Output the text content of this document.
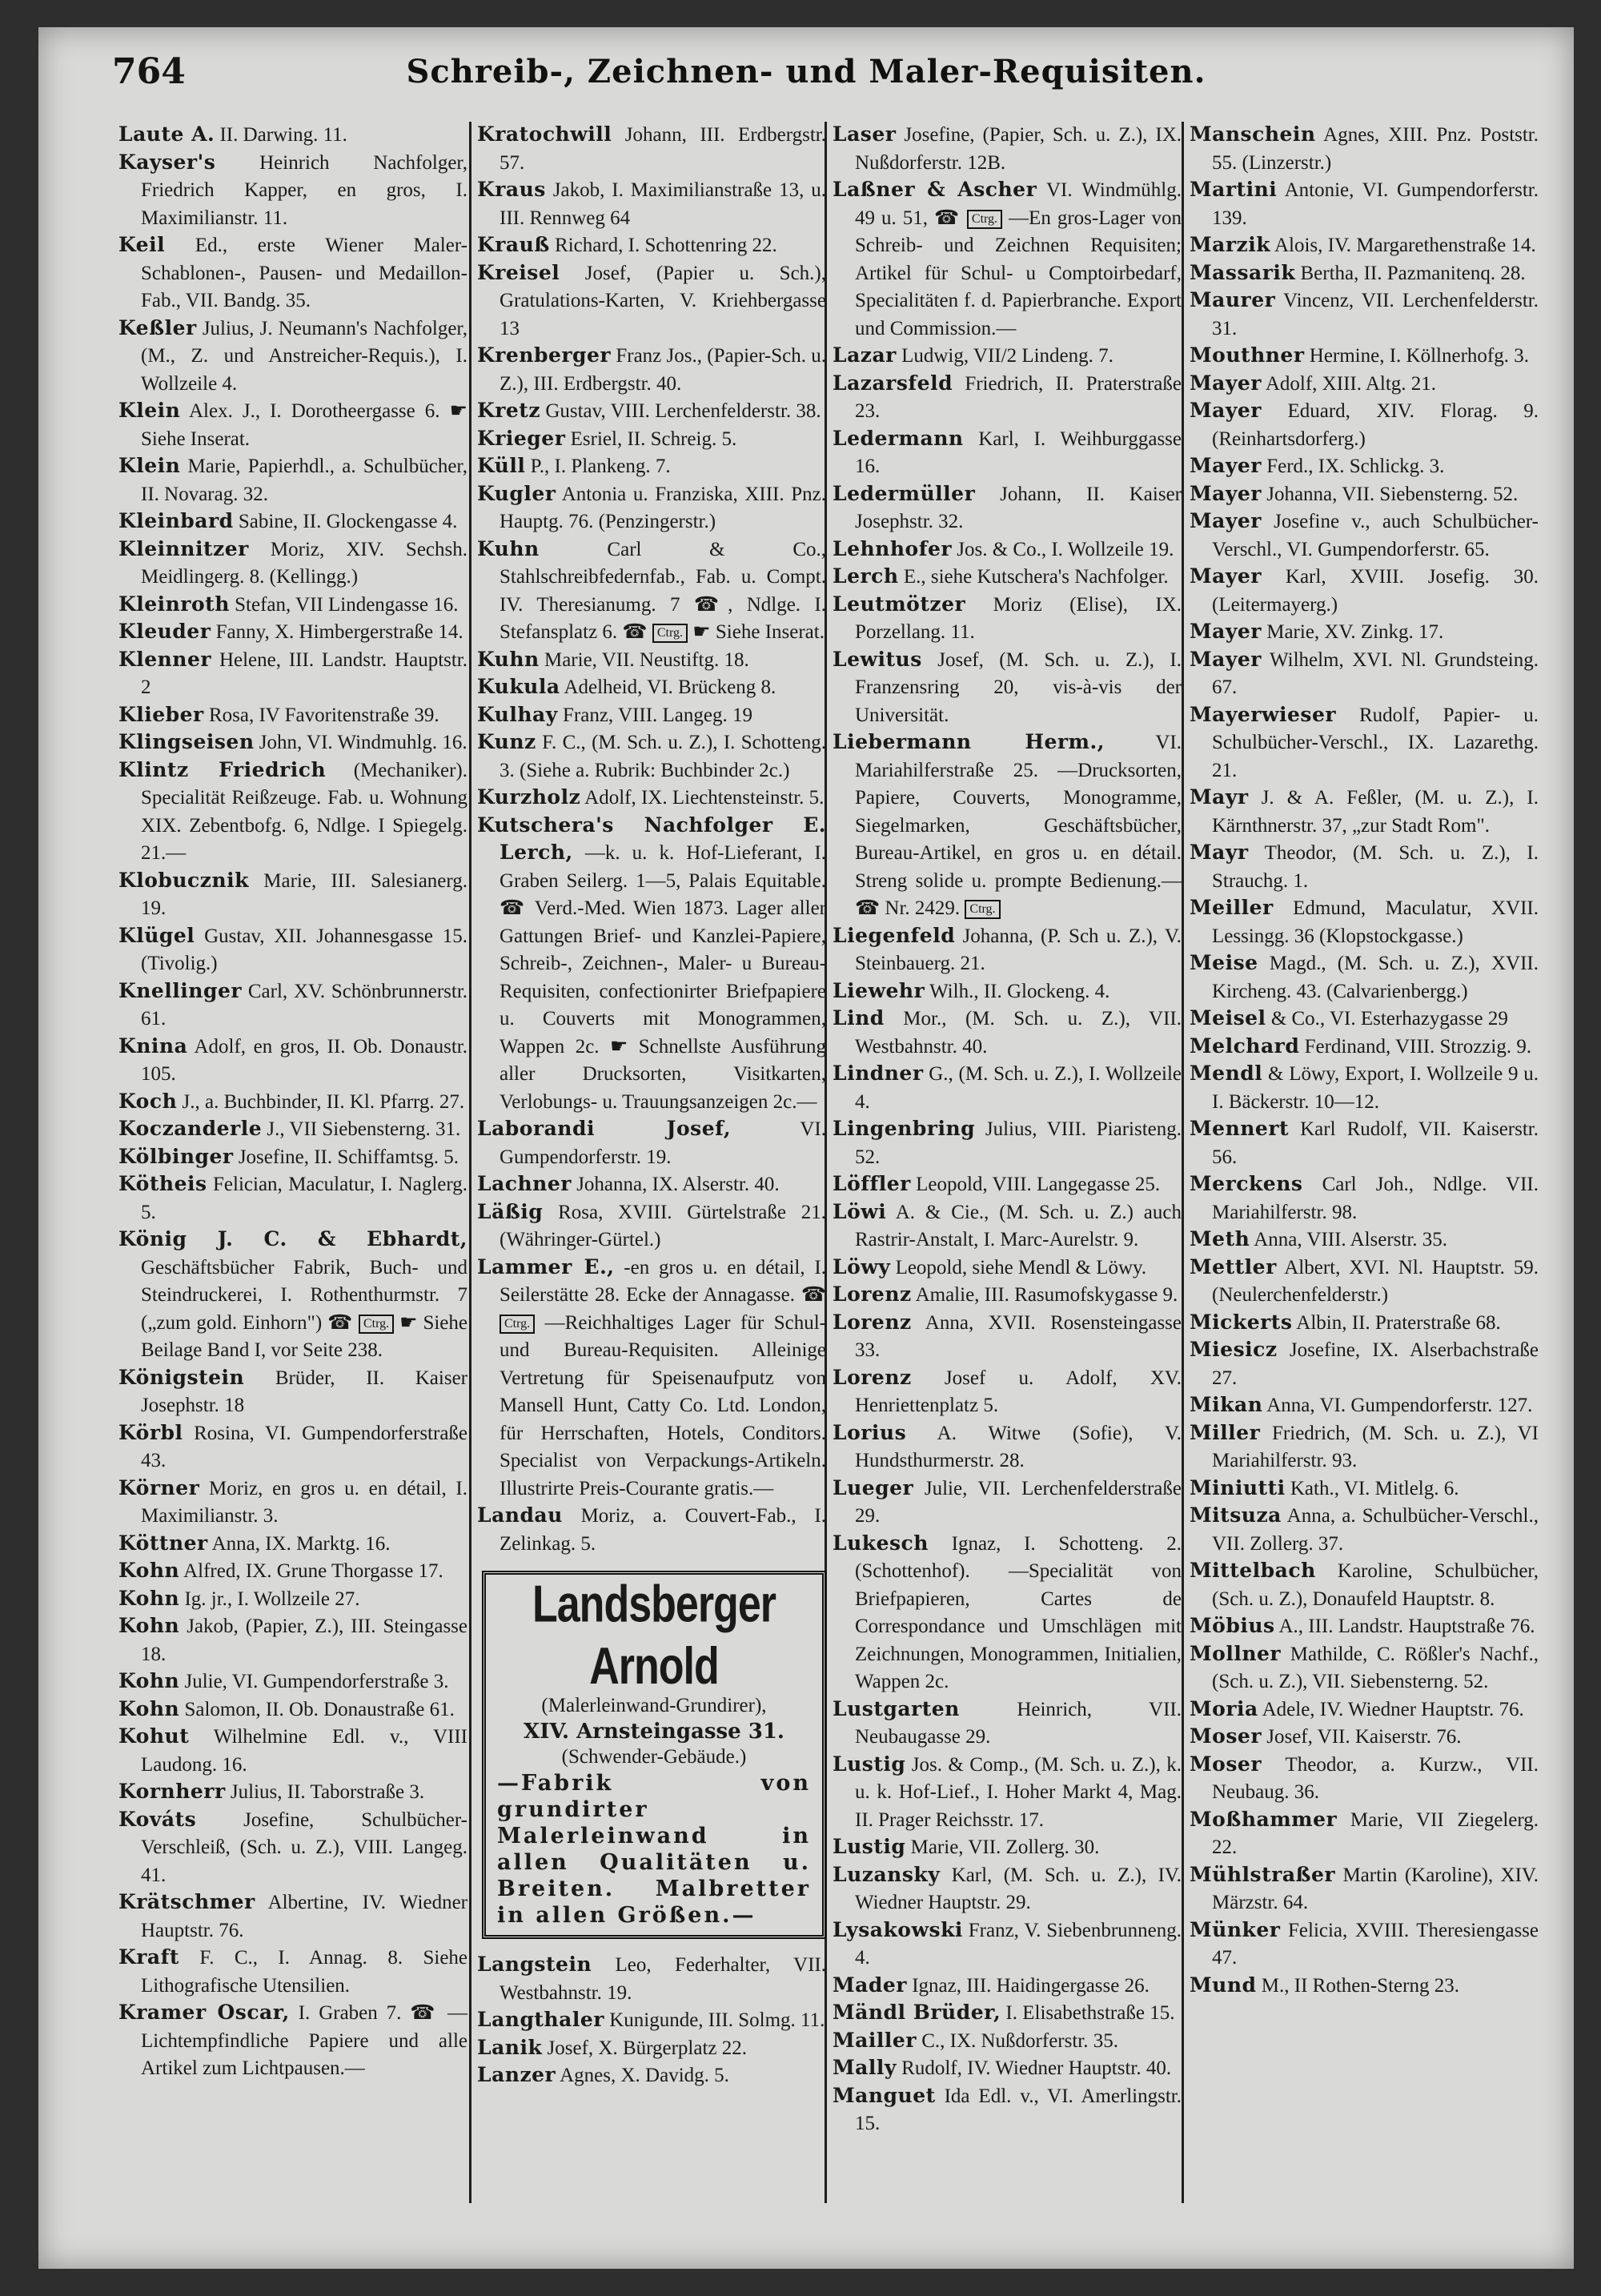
764	Schreib-, Zeichnen- und Maler-Requisiten.
Laute A. II. Darwing. 11.
Kayser's Heinrich Nachfolger, Friedrich Kapper, en gros, I. Maximilianstr. 11.
Keil Ed., erste Wiener Maler-Schablonen-, Pausen- und Medaillon-Fab., VII. Bandg. 35.
Keßler Julius, J. Neumann's Nachfolger, (M., Z. und Anstreicher-Requis.), I. Wollzeile 4.
Klein Alex. J., I. Dorotheergasse 6. ☛ Siehe Inserat.
Klein Marie, Papierhdl., a. Schulbücher, II. Novarag. 32.
Kleinbard Sabine, II. Glockengasse 4.
Kleinnitzer Moriz, XIV. Sechsh. Meidlingerg. 8. (Kellingg.)
Kleinroth Stefan, VII Lindengasse 16.
Kleuder Fanny, X. Himbergerstraße 14.
Klenner Helene, III. Landstr. Hauptstr. 2
Klieber Rosa, IV Favoritenstraße 39.
Klingseisen John, VI. Windmuhlg. 16.
Klintz Friedrich (Mechaniker). Specialität Reißzeuge. Fab. u. Wohnung XIX. Zebentbofg. 6, Ndlge. I Spiegelg. 21.—
Klobucznik Marie, III. Salesianerg. 19.
Klügel Gustav, XII. Johannesgasse 15. (Tivolig.)
Knellinger Carl, XV. Schönbrunnerstr. 61.
Knina Adolf, en gros, II. Ob. Donaustr. 105.
Koch J., a. Buchbinder, II. Kl. Pfarrg. 27.
Koczanderle J., VII Siebensterng. 31.
Kölbinger Josefine, II. Schiffamtsg. 5.
Kötheis Felician, Maculatur, I. Naglerg. 5.
König J. C. & Ebhardt, Geschäftsbücher Fabrik, Buch- und Steindruckerei, I. Rothenthurmstr. 7 („zum gold. Einhorn") ☎ Ctrg. ☛ Siehe Beilage Band I, vor Seite 238.
Königstein Brüder, II. Kaiser Josephstr. 18
Körbl Rosina, VI. Gumpendorferstraße 43.
Körner Moriz, en gros u. en détail, I. Maximilianstr. 3.
Köttner Anna, IX. Marktg. 16.
Kohn Alfred, IX. Grune Thorgasse 17.
Kohn Ig. jr., I. Wollzeile 27.
Kohn Jakob, (Papier, Z.), III. Steingasse 18.
Kohn Julie, VI. Gumpendorferstraße 3.
Kohn Salomon, II. Ob. Donaustraße 61.
Kohut Wilhelmine Edl. v., VIII Laudong. 16.
Kornherr Julius, II. Taborstraße 3.
Kováts Josefine, Schulbücher-Verschleiß, (Sch. u. Z.), VIII. Langeg. 41.
Krätschmer Albertine, IV. Wiedner Hauptstr. 76.
Kraft F. C., I. Annag. 8. Siehe Lithografische Utensilien.
Kramer Oscar, I. Graben 7. ☎ —Lichtempfindliche Papiere und alle Artikel zum Lichtpausen.—
Kratochwill Johann, III. Erdbergstr. 57.
Kraus Jakob, I. Maximilianstraße 13, u. III. Rennweg 64
Krauß Richard, I. Schottenring 22.
Kreisel Josef, (Papier u. Sch.), Gratulations-Karten, V. Kriehbergasse 13
Krenberger Franz Jos., (Papier-Sch. u. Z.), III. Erdbergstr. 40.
Kretz Gustav, VIII. Lerchenfelderstr. 38.
Krieger Esriel, II. Schreig. 5.
Küll P., I. Plankeng. 7.
Kugler Antonia u. Franziska, XIII. Pnz. Hauptg. 76. (Penzingerstr.)
Kuhn	Carl & Co., Stahlschreibfedernfab., Fab. u. Compt. IV. Theresianumg. 7 ☎, Ndlge. I. Stefansplatz 6. ☎ Ctrg. ☛ Siehe Inserat.
Kuhn Marie, VII. Neustiftg. 18.
Kukula Adelheid, VI. Brückeng 8.
Kulhay Franz, VIII. Langeg. 19
Kunz F. C., (M. Sch. u. Z.), I. Schotteng. 3. (Siehe a. Rubrik: Buchbinder 2c.)
Kurzholz Adolf, IX. Liechtensteinstr. 5.
Kutschera's Nachfolger E. Lerch, —k. u. k. Hof-Lieferant, I. Graben Seilerg. 1—5, Palais Equitable. ☎ Verd.-Med. Wien 1873. Lager aller Gattungen Brief- und Kanzlei-Papiere, Schreib-, Zeichnen-, Maler- u Bureau-Requisiten, confectionirter Briefpapiere u. Couverts mit Monogrammen, Wappen 2c. ☛ Schnellste Ausführung aller Drucksorten, Visitkarten, Verlobungs- u. Trauungsanzeigen 2c.—
Laborandi Josef,	VI. Gumpendorferstr. 19.
Lachner Johanna, IX. Alserstr. 40.
Läßig Rosa, XVIII. Gürtelstraße 21. (Währinger-Gürtel.)
Lammer E., -en gros u. en détail, I. Seilerstätte 28. Ecke der Annagasse. ☎ Ctrg. —Reichhaltiges Lager für Schul- und Bureau-Requisiten. Alleinige Vertretung für Speisenaufputz von Mansell Hunt, Catty Co. Ltd. London, für Herrschaften, Hotels, Conditors. Specialist von Verpackungs-Artikeln. Illustrirte Preis-Courante gratis.—
Landau Moriz, a. Couvert-Fab., I. Zelinkag. 5.
Landsberger Arnold
(Malerleinwand-Grundirer),
XIV. Arnsteingasse 31.
(Schwender-Gebäude.)
—Fabrik von grundirter Malerleinwand in allen Qualitäten u. Breiten. Malbretter in allen Größen.—
Langstein Leo, Federhalter, VII. Westbahnstr. 19.
Langthaler Kunigunde, III. Solmg. 11.
Lanik Josef, X. Bürgerplatz 22.
Lanzer Agnes, X. Davidg. 5.
Laser Josefine, (Papier, Sch. u. Z.), IX. Nußdorferstr. 12B.
Laßner & Ascher VI. Windmühlg. 49 u. 51, ☎ Ctrg. —En gros-Lager von Schreib- und Zeichnen Requisiten; Artikel für Schul- u Comptoirbedarf, Specialitäten f. d. Papierbranche. Export und Commission.—
Lazar Ludwig, VII/2 Lindeng. 7.
Lazarsfeld Friedrich, II. Praterstraße 23.
Ledermann Karl, I. Weihburggasse 16.
Ledermüller Johann, II. Kaiser Josephstr. 32.
Lehnhofer Jos. & Co., I. Wollzeile 19.
Lerch E., siehe Kutschera's Nachfolger.
Leutmötzer Moriz (Elise), IX. Porzellang. 11.
Lewitus Josef, (M. Sch. u. Z.), I. Franzensring 20, vis-à-vis der Universität.
Liebermann Herm.,	VI. Mariahilferstraße 25. —Drucksorten, Papiere, Couverts, Monogramme, Siegelmarken, Geschäftsbücher, Bureau-Artikel, en gros u. en détail. Streng solide u. prompte Bedienung.— ☎ Nr. 2429. Ctrg.
Liegenfeld Johanna, (P. Sch u. Z.), V. Steinbauerg. 21.
Liewehr Wilh., II. Glockeng. 4.
Lind Mor., (M. Sch. u. Z.), VII. Westbahnstr. 40.
Lindner G., (M. Sch. u. Z.), I. Wollzeile 4.
Lingenbring Julius, VIII. Piaristeng. 52.
Löffler Leopold, VIII. Langegasse 25.
Löwi A. & Cie., (M. Sch. u. Z.) auch Rastrir-Anstalt, I. Marc-Aurelstr. 9.
Löwy Leopold, siehe Mendl & Löwy.
Lorenz Amalie, III. Rasumofskygasse 9.
Lorenz Anna, XVII. Rosensteingasse 33.
Lorenz Josef u. Adolf, XV. Henriettenplatz 5.
Lorius A. Witwe (Sofie), V. Hundsthurmerstr. 28.
Lueger Julie, VII. Lerchenfelderstraße 29.
Lukesch Ignaz, I. Schotteng. 2. (Schottenhof). —Specialität von Briefpapieren, Cartes de Correspondance und Umschlägen mit Zeichnungen, Monogrammen, Initialien, Wappen 2c.
Lustgarten	Heinrich, VII. Neubaugasse 29.
Lustig Jos. & Comp., (M. Sch. u. Z.), k. u. k. Hof-Lief., I. Hoher Markt 4, Mag. II. Prager Reichsstr. 17.
Lustig Marie, VII. Zollerg. 30.
Luzansky Karl, (M. Sch. u. Z.), IV. Wiedner Hauptstr. 29.
Lysakowski Franz, V. Siebenbrunneng. 4.
Mader Ignaz, III. Haidingergasse 26.
Mändl Brüder, I. Elisabethstraße 15.
Mailler C., IX. Nußdorferstr. 35.
Mally Rudolf, IV. Wiedner Hauptstr. 40.
Manguet Ida Edl. v., VI. Amerlingstr. 15.
Manschein Agnes, XIII. Pnz. Poststr. 55. (Linzerstr.)
Martini Antonie, VI. Gumpendorferstr. 139.
Marzik Alois, IV. Margarethenstraße 14.
Massarik Bertha, II. Pazmanitenq. 28.
Maurer Vincenz, VII. Lerchenfelderstr. 31.
Mouthner Hermine, I. Köllnerhofg. 3.
Mayer Adolf, XIII. Altg. 21.
Mayer Eduard, XIV. Florag. 9. (Reinhartsdorferg.)
Mayer Ferd., IX. Schlickg. 3.
Mayer Johanna, VII. Siebensterng. 52.
Mayer Josefine v., auch Schulbücher-Verschl., VI. Gumpendorferstr. 65.
Mayer Karl, XVIII. Josefig. 30. (Leitermayerg.)
Mayer Marie, XV. Zinkg. 17.
Mayer Wilhelm, XVI. Nl. Grundsteing. 67.
Mayerwieser Rudolf, Papier- u. Schulbücher-Verschl., IX. Lazarethg. 21.
Mayr J. & A. Feßler, (M. u. Z.), I. Kärnthnerstr. 37, „zur Stadt Rom".
Mayr Theodor, (M. Sch. u. Z.), I. Strauchg. 1.
Meiller Edmund, Maculatur, XVII. Lessingg. 36 (Klopstockgasse.)
Meise Magd., (M. Sch. u. Z.), XVII. Kircheng. 43. (Calvarienbergg.)
Meisel & Co., VI. Esterhazygasse 29
Melchard Ferdinand, VIII. Strozzig. 9.
Mendl & Löwy, Export, I. Wollzeile 9 u. I. Bäckerstr. 10—12.
Mennert Karl Rudolf, VII. Kaiserstr. 56.
Merckens Carl Joh., Ndlge. VII. Mariahilferstr. 98.
Meth Anna, VIII. Alserstr. 35.
Mettler Albert, XVI. Nl. Hauptstr. 59. (Neulerchenfelderstr.)
Mickerts Albin, II. Praterstraße 68.
Miesicz Josefine, IX. Alserbachstraße 27.
Mikan Anna, VI. Gumpendorferstr. 127.
Miller Friedrich, (M. Sch. u. Z.), VI Mariahilferstr. 93.
Miniutti Kath., VI. Mitlelg. 6.
Mitsuza Anna, a. Schulbücher-Verschl., VII. Zollerg. 37.
Mittelbach Karoline, Schulbücher, (Sch. u. Z.), Donaufeld Hauptstr. 8.
Möbius A., III. Landstr. Hauptstraße 76.
Mollner Mathilde, C. Rößler's Nachf., (Sch. u. Z.), VII. Siebensterng. 52.
Moria Adele, IV. Wiedner Hauptstr. 76.
Moser Josef, VII. Kaiserstr. 76.
Moser Theodor, a. Kurzw., VII. Neubaug. 36.
Moßhammer Marie, VII Ziegelerg. 22.
Mühlstraßer Martin (Karoline), XIV. Märzstr. 64.
Münker Felicia, XVIII. Theresiengasse 47.
Mund M., II Rothen-Sterng 23.
